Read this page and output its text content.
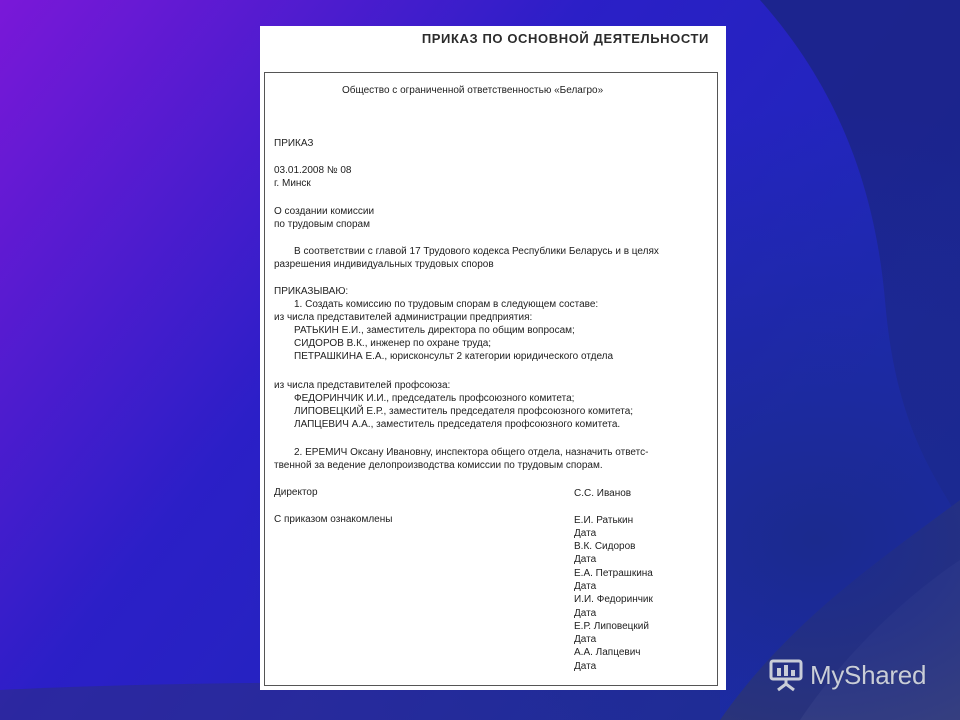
ПРИКАЗ ПО ОСНОВНОЙ ДЕЯТЕЛЬНОСТИ
Общество с ограниченной ответственностью «Белагро»
ПРИКАЗ
03.01.2008 № 08
г. Минск
О создании комиссии
по трудовым спорам
В соответствии с главой 17 Трудового кодекса Республики Беларусь и в целях разрешения индивидуальных трудовых споров
ПРИКАЗЫВАЮ:
1. Создать комиссию по трудовым спорам в следующем составе:
из числа представителей администрации предприятия:
РАТЬКИН Е.И., заместитель директора по общим вопросам;
СИДОРОВ В.К., инженер по охране труда;
ПЕТРАШКИНА Е.А., юрисконсульт 2 категории юридического отдела
из числа представителей профсоюза:
ФЕДОРИНЧИК И.И., председатель профсоюзного комитета;
ЛИПОВЕЦКИЙ Е.Р., заместитель председателя профсоюзного комитета;
ЛАПЦЕВИЧ А.А., заместитель председателя профсоюзного комитета.
2. ЕРЕМИЧ Оксану Ивановну, инспектора общего отдела, назначить ответс-
твенной за ведение делопроизводства комиссии по трудовым спорам.
Директор	С.С. Иванов
С приказом ознакомлены	Е.И. Ратькин
Дата
В.К. Сидоров
Дата
Е.А. Петрашкина
Дата
И.И. Федоринчик
Дата
Е.Р. Липовецкий
Дата
А.А. Лапцевич
Дата	MyShared
